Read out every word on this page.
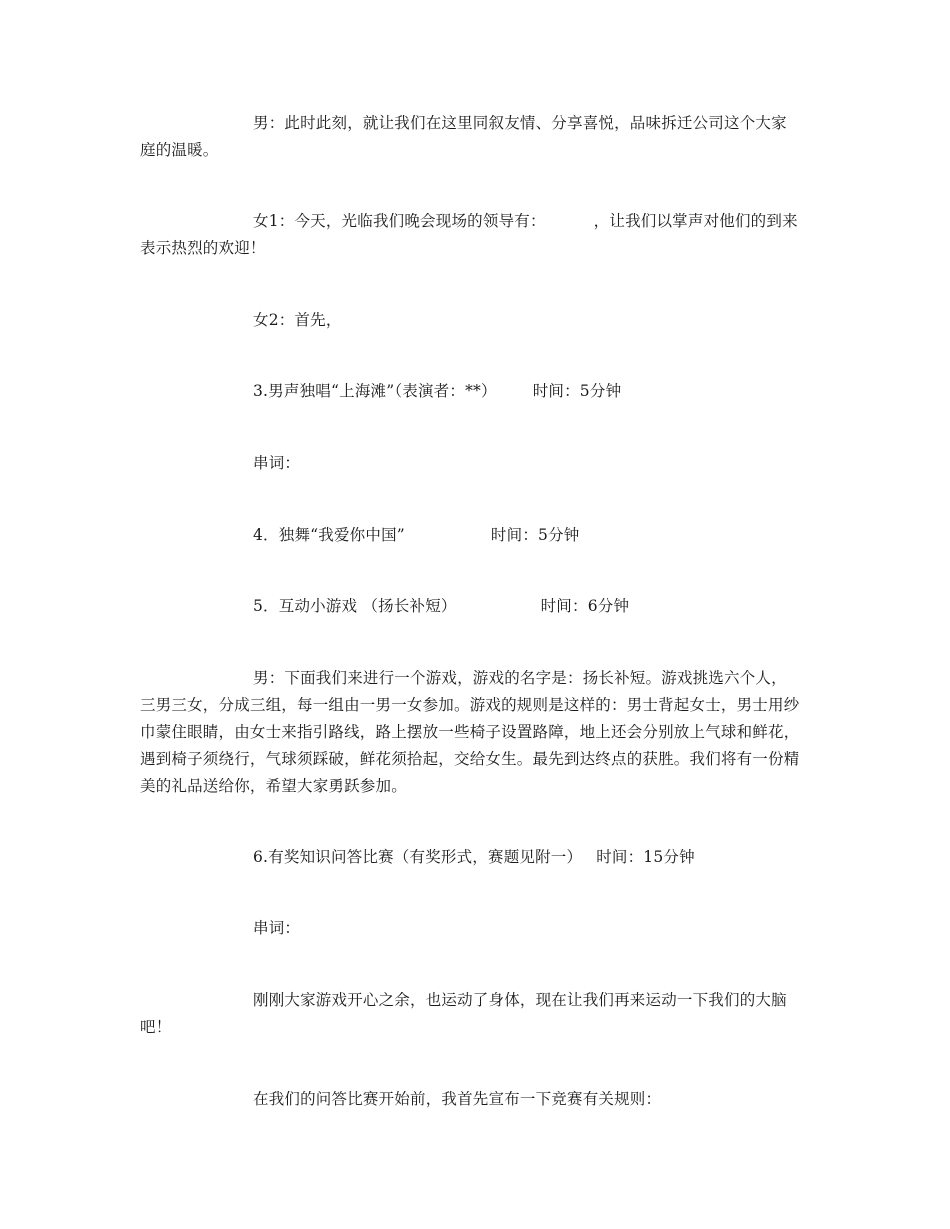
男：此时此刻，就让我们在这里同叙友情、分享喜悦，品味拆迁公司这个大家庭的温暖。

女1：今天，光临我们晚会现场的领导有：	，让我们以掌声对他们的到来表示热烈的欢迎！

女2：首先，

3.男声独唱“上海滩”（表演者：**） 时间：5分钟

串词：

4．独舞“我爱你中国”	时间：5分钟

5．互动小游戏 （扬长补短）	时间：6分钟

男：下面我们来进行一个游戏，游戏的名字是：扬长补短。游戏挑选六个人，三男三女，分成三组，每一组由一男一女参加。游戏的规则是这样的：男士背起女士，男士用纱巾蒙住眼睛，由女士来指引路线，路上摆放一些椅子设置路障，地上还会分别放上气球和鲜花，遇到椅子须绕行，气球须踩破，鲜花须拾起，交给女生。最先到达终点的获胜。我们将有一份精美的礼品送给你，希望大家勇跃参加。

6.有奖知识问答比赛（有奖形式，赛题见附一） 时间：15分钟

串词：

刚刚大家游戏开心之余，也运动了身体，现在让我们再来运动一下我们的大脑吧！

在我们的问答比赛开始前，我首先宣布一下竞赛有关规则：
